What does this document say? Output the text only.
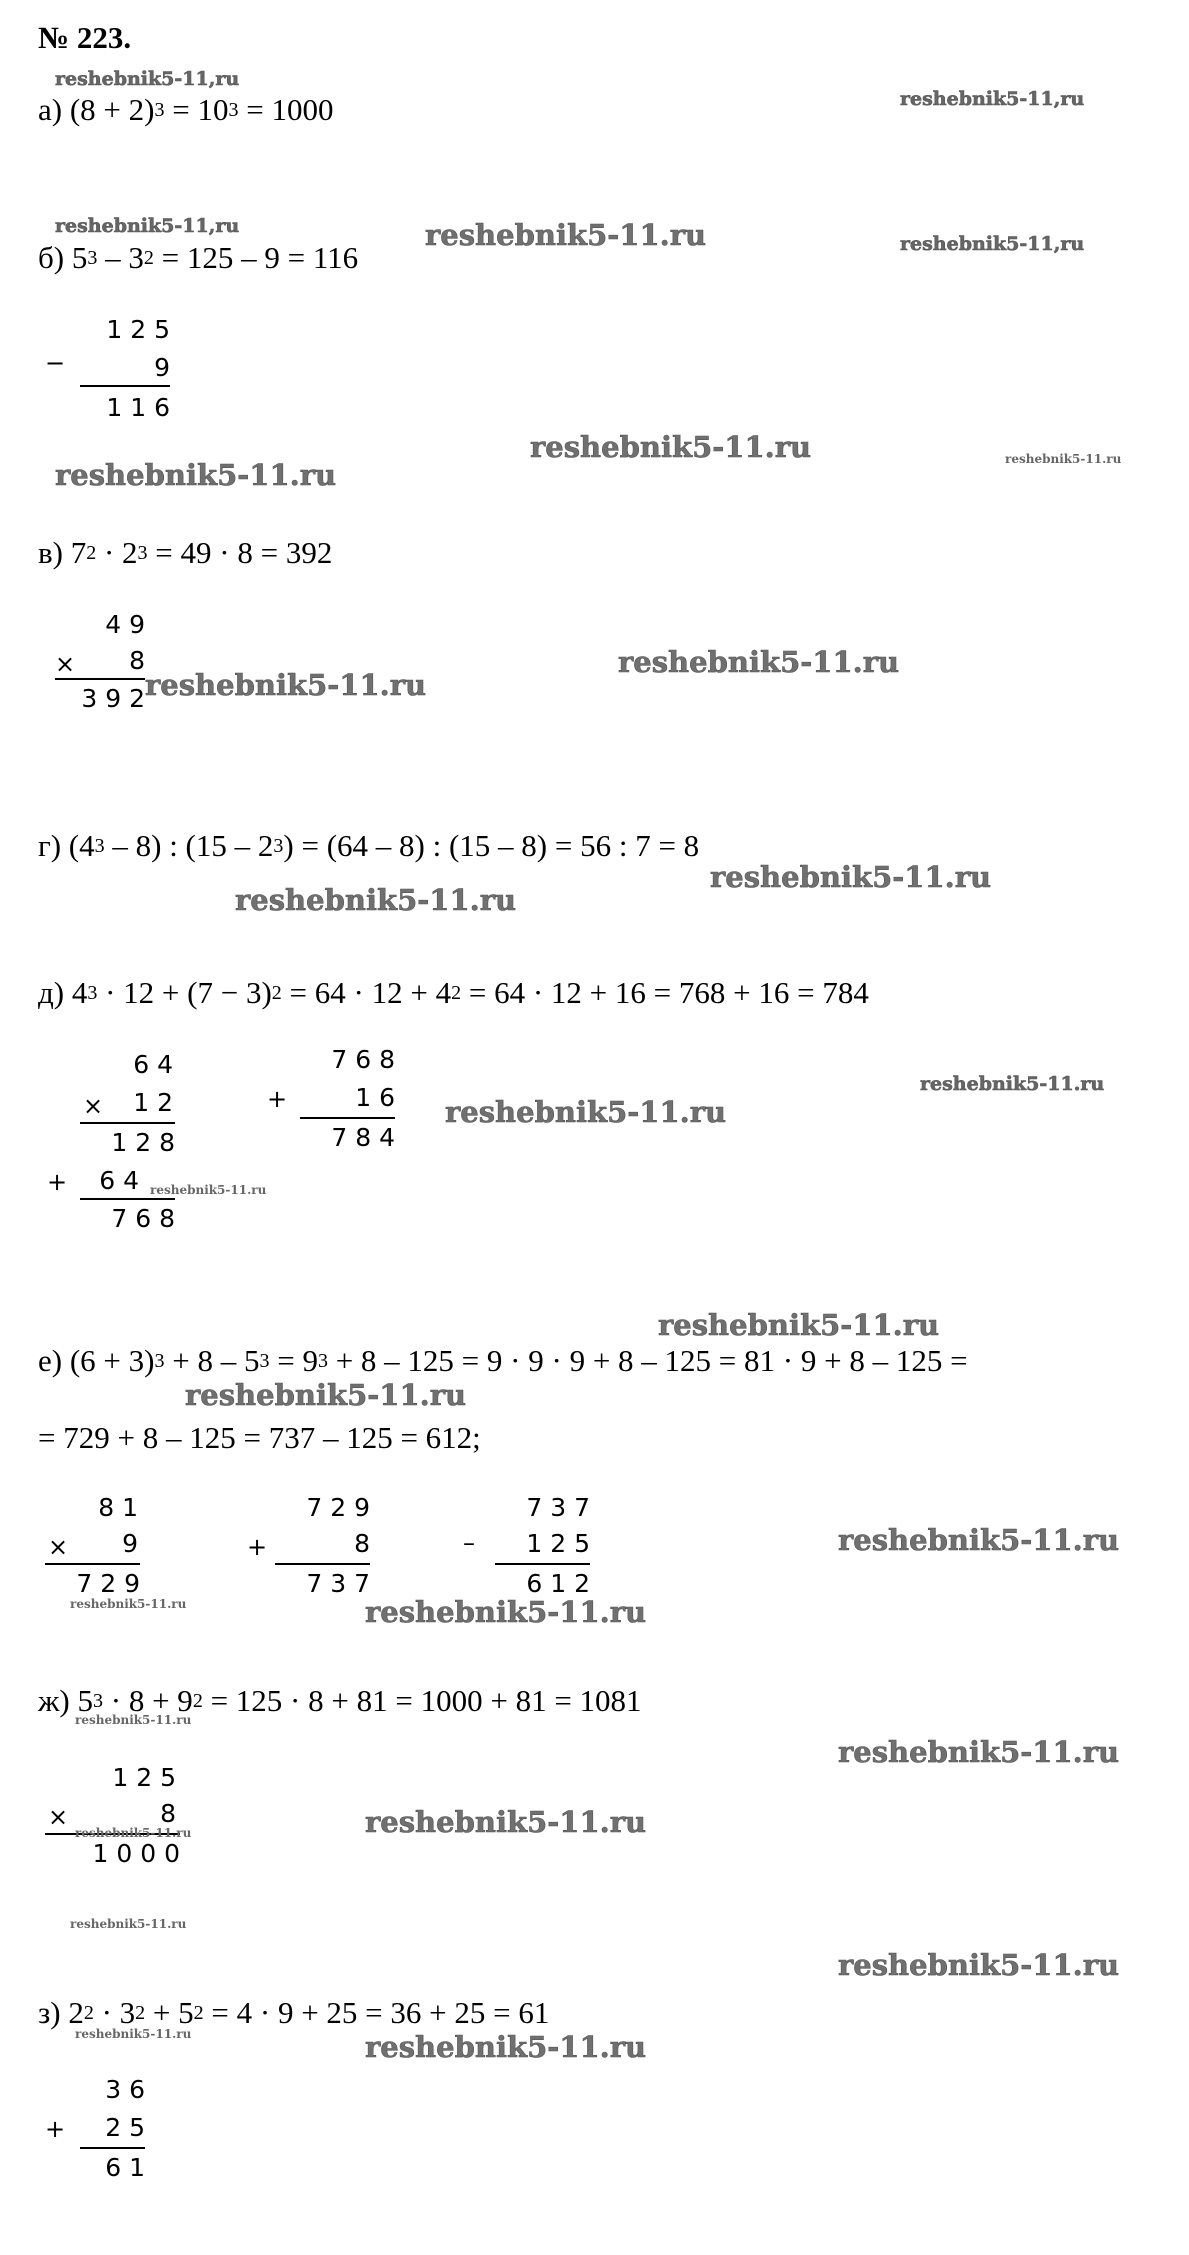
№ 223.
а) $(8 + 2)^3 = 10^3 = 1000$
б) $5^3 - 3^2 = 125 - 9 = 116$
1 2 5
−	9
1 1 6
в) $7^2 \cdot 2^3 = 49 \cdot 8 = 392$
4 9
× 8
3 9 2
г) $(4^3 - 8)$ : $(15 - 2^3) = (64 - 8)$ : (15 – 8) = 56 : 7 = 8
д) $4^3 \cdot 12 + (7 - 3)^2 = 64 \cdot 12 + 4^2 = 64 \cdot 12 + 16 = 768 + 16 = 784$
6 4
× 1 2
1 2 8
+ 6 4
7 6 8
7 6 8
+	1 6
7 8 4
е) $(6 + 3)^3 + 8 - 5^3 = 9^3 + 8 - 125 = 9 \cdot 9 \cdot 9 + 8 - 125 = 81 \cdot 9 + 8 - 125$ =
= 729 + 8 – 125 = 737 – 125 = 612;
8 1
× 9
7 2 9
7 2 9
+	8
7 3 7
7 3 7
– 1 2 5
6 1 2
ж) $5^3 \cdot 8 + 9^2 = 125 \cdot 8 + 81 = 1000 + 81 = 1081$
1 2 5
×	8
1 0 0 0
з) $2^2 \cdot 3^2 + 5^2 = 4 \cdot 9 + 25 = 36 + 25 = 61$
3 6
+ 2 5
6 1
reshebnik5-11,ru
reshebnik5-11,ru
reshebnik5-11,ru	reshebnik5-11.ru	reshebnik5-11,ru
reshebnik5-11.ru
reshebnik5-11.ru	reshebnik5-11.ru
reshebnik5-11.ru
reshebnik5-11.ru
reshebnik5-11.ru
reshebnik5-11.ru
reshebnik5-11.ru
reshebnik5-11.ru
reshebnik5-11.ru
reshebnik5-11.ru
reshebnik5-11.ru
reshebnik5-11.ru
reshebnik5-11.ru	reshebnik5-11.ru
reshebnik5-11.ru
reshebnik5-11.ru
reshebnik5-11.ru
reshebnik5-11.ru
reshebnik5-11.ru
reshebnik5-11.ru
reshebnik5-11.ru	reshebnik5-11.ru
